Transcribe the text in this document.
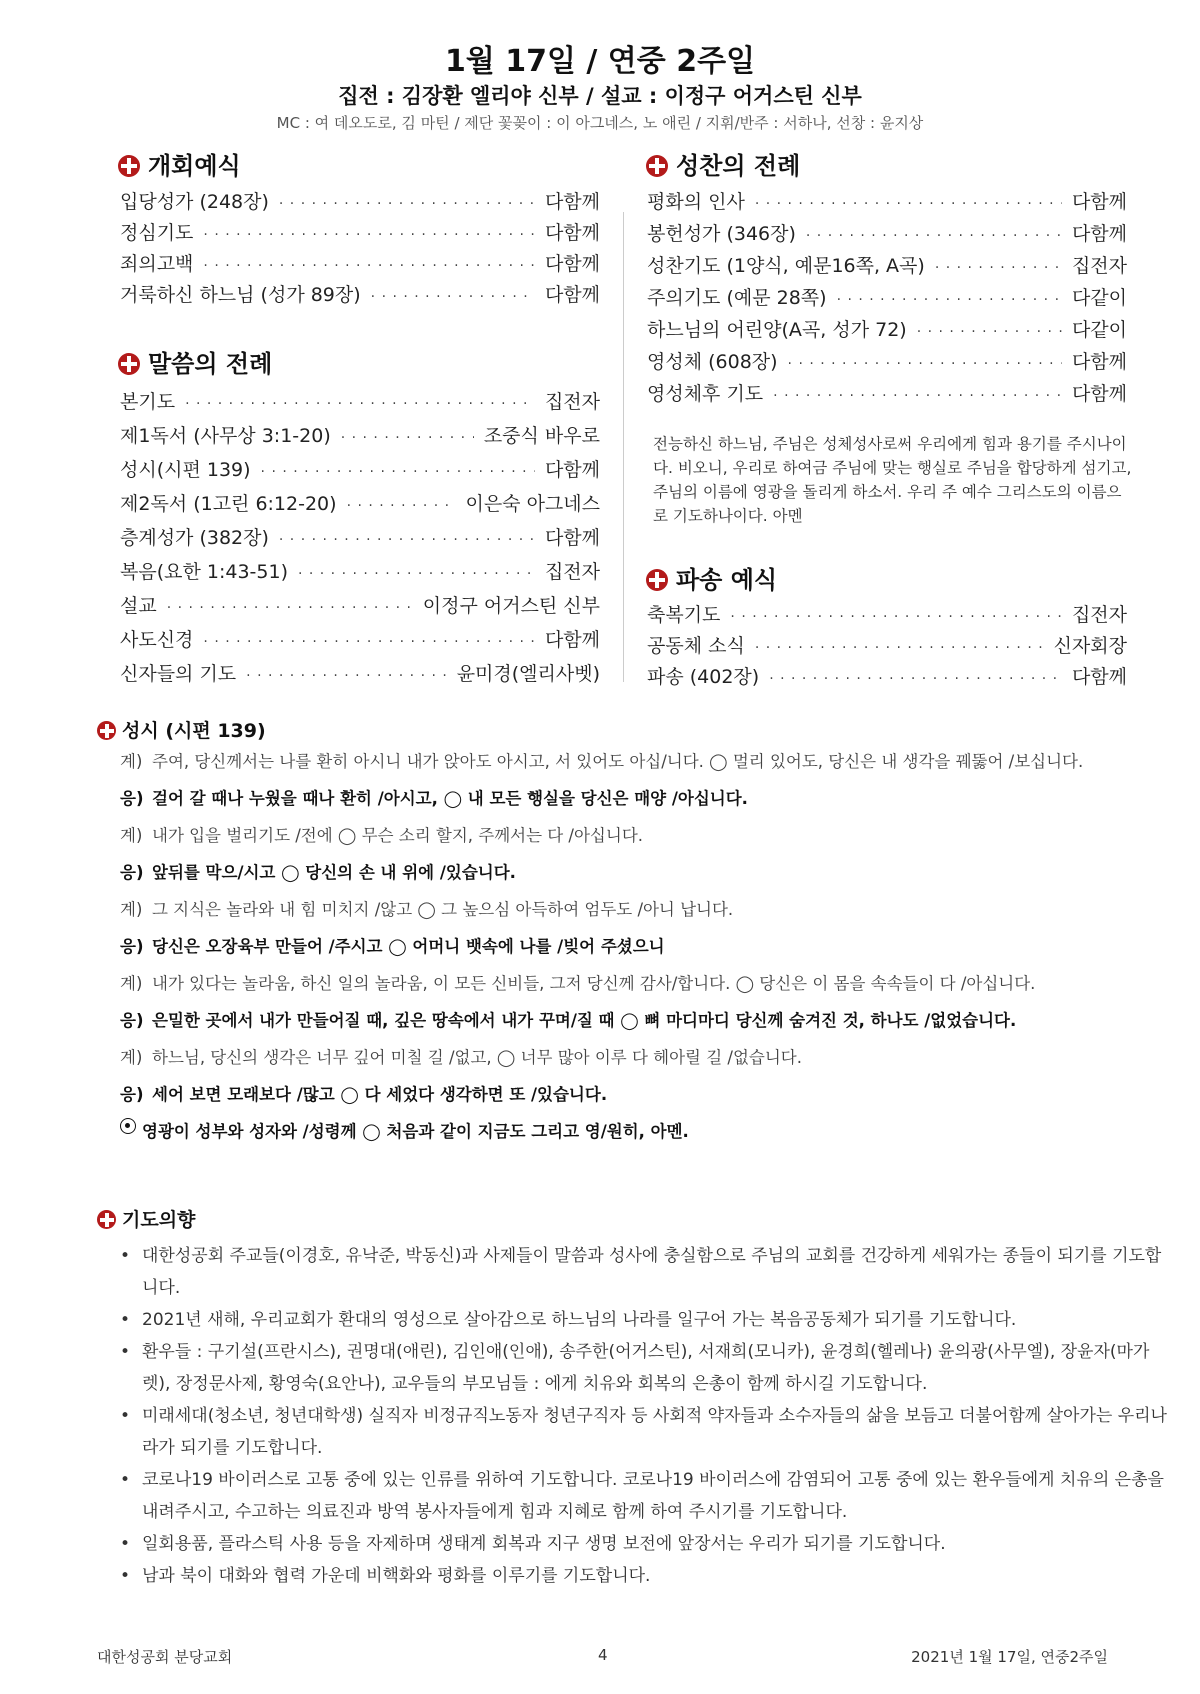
1월 17일 / 연중 2주일
집전 : 김장환 엘리야 신부 / 설교 : 이정구 어거스틴 신부
MC : 여 데오도로, 김 마틴 / 제단 꽃꽂이 : 이 아그네스, 노 애린 / 지휘/반주 : 서하나, 선창 : 윤지상
개회예식
입당성가 (248장) · · ·	다함께
정심기도 · · ·	다함께
죄의고백 · · ·	다함께
거룩하신 하느님 (성가 89장) · · ·	다함께
말씀의 전례
본기도 · · ·	집전자
제1독서 (사무상 3:1-20) · · ·	조중식 바우로
성시(시편 139) · · ·	다함께
제2독서 (1고린 6:12-20) · · ·	이은숙 아그네스
층계성가 (382장) · · ·	다함께
복음(요한 1:43-51) · · ·	집전자
설교 · · ·	이정구 어거스틴 신부
사도신경 · · ·	다함께
신자들의 기도 · · ·	윤미경(엘리사벳)
성찬의 전례
평화의 인사 · · ·	다함께
봉헌성가 (346장) · · ·	다함께
성찬기도 (1양식, 예문16쪽, A곡) · · ·	집전자
주의기도 (예문 28쪽) · · ·	다같이
하느님의 어린양(A곡, 성가 72) · · ·	다같이
영성체 (608장) · · ·	다함께
영성체후 기도 · · ·	다함께
전능하신 하느님, 주님은 성체성사로써 우리에게 힘과 용기를 주시나이다. 비오니, 우리로 하여금 주님에 맞는 행실로 주님을 합당하게 섬기고, 주님의 이름에 영광을 돌리게 하소서. 우리 주 예수 그리스도의 이름으로 기도하나이다. 아멘
파송 예식
축복기도 · · ·	집전자
공동체 소식 · · ·	신자회장
파송 (402장) · · ·	다함께
성시 (시편 139)
계) 주여, 당신께서는 나를 환히 아시니 내가 앉아도 아시고, 서 있어도 아십/니다. ◯ 멀리 있어도, 당신은 내 생각을 꿰뚫어 /보십니다.
응) 걸어 갈 때나 누웠을 때나 환히 /아시고, ◯ 내 모든 행실을 당신은 매양 /아십니다.
계) 내가 입을 벌리기도 /전에 ◯ 무슨 소리 할지, 주께서는 다 /아십니다.
응) 앞뒤를 막으/시고 ◯ 당신의 손 내 위에 /있습니다.
계) 그 지식은 놀라와 내 힘 미치지 /않고 ◯ 그 높으심 아득하여 엄두도 /아니 납니다.
응) 당신은 오장육부 만들어 /주시고 ◯ 어머니 뱃속에 나를 /빚어 주셨으니
계) 내가 있다는 놀라움, 하신 일의 놀라움, 이 모든 신비들, 그저 당신께 감사/합니다. ◯ 당신은 이 몸을 속속들이 다 /아십니다.
응) 은밀한 곳에서 내가 만들어질 때, 깊은 땅속에서 내가 꾸며/질 때 ◯ 뼈 마디마디 당신께 숨겨진 것, 하나도 /없었습니다.
계) 하느님, 당신의 생각은 너무 깊어 미칠 길 /없고, ◯ 너무 많아 이루 다 헤아릴 길 /없습니다.
응) 세어 보면 모래보다 /많고 ◯ 다 세었다 생각하면 또 /있습니다.
영광이 성부와 성자와 /성령께 ◯ 처음과 같이 지금도 그리고 영/원히, 아멘.
기도의향
• 대한성공회 주교들(이경호, 유낙준, 박동신)과 사제들이 말씀과 성사에 충실함으로 주님의 교회를 건강하게 세워가는 종들이 되기를 기도합니다.
• 2021년 새해, 우리교회가 환대의 영성으로 살아감으로 하느님의 나라를 일구어 가는 복음공동체가 되기를 기도합니다.
• 환우들 : 구기설(프란시스), 권명대(애린), 김인애(인애), 송주한(어거스틴), 서재희(모니카), 윤경희(헬레나) 윤의광(사무엘), 장윤자(마가렛), 장정문사제, 황영숙(요안나), 교우들의 부모님들 : 에게 치유와 회복의 은총이 함께 하시길 기도합니다.
• 미래세대(청소년, 청년대학생) 실직자 비정규직노동자 청년구직자 등 사회적 약자들과 소수자들의 삶을 보듬고 더불어함께 살아가는 우리나라가 되기를 기도합니다.
• 코로나19 바이러스로 고통 중에 있는 인류를 위하여 기도합니다. 코로나19 바이러스에 감염되어 고통 중에 있는 환우들에게 치유의 은총을 내려주시고, 수고하는 의료진과 방역 봉사자들에게 힘과 지혜로 함께 하여 주시기를 기도합니다.
• 일회용품, 플라스틱 사용 등을 자제하며 생태계 회복과 지구 생명 보전에 앞장서는 우리가 되기를 기도합니다.
• 남과 북이 대화와 협력 가운데 비핵화와 평화를 이루기를 기도합니다.
대한성공회 분당교회	4	2021년 1월 17일, 연중2주일
